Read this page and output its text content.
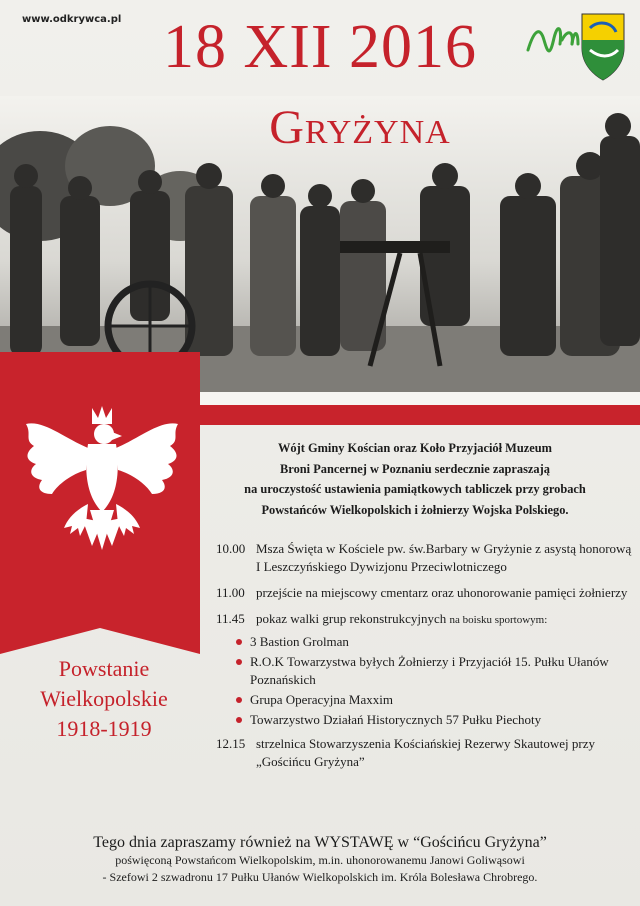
www.odkrywca.pl 18 XII 2016
Gryżyna
Powstanie
Wielkopolskie
1918-1919
Wójt Gminy Kościan oraz Koło Przyjaciół Muzeum
Broni Pancernej w Poznaniu serdecznie zapraszają
na uroczystość ustawienia pamiątkowych tabliczek przy grobach
Powstańców Wielkopolskich i żołnierzy Wojska Polskiego.
10.00 Msza Święta w Kościele pw. św.Barbary w Gryżynie z asystą honorową I Leszczyńskiego Dywizjonu Przeciwlotniczego
11.00 przejście na miejscowy cmentarz oraz uhonorowanie pamięci żołnierzy
11.45 pokaz walki grup rekonstrukcyjnych na boisku sportowym:
3 Bastion Grolman
R.O.K Towarzystwa byłych Żołnierzy i Przyjaciół 15. Pułku Ułanów Poznańskich
Grupa Operacyjna Maxxim
Towarzystwo Działań Historycznych 57 Pułku Piechoty
12.15 strzelnica Stowarzyszenia Kościańskiej Rezerwy Skautowej przy „Gościńcu Gryżyna”
Tego dnia zapraszamy również na WYSTAWĘ w “Gościńcu Gryżyna”
poświęconą Powstańcom Wielkopolskim, m.in. uhonorowanemu Janowi Goliwąsowi
- Szefowi 2 szwadronu 17 Pułku Ułanów Wielkopolskich im. Króla Bolesława Chrobrego.
